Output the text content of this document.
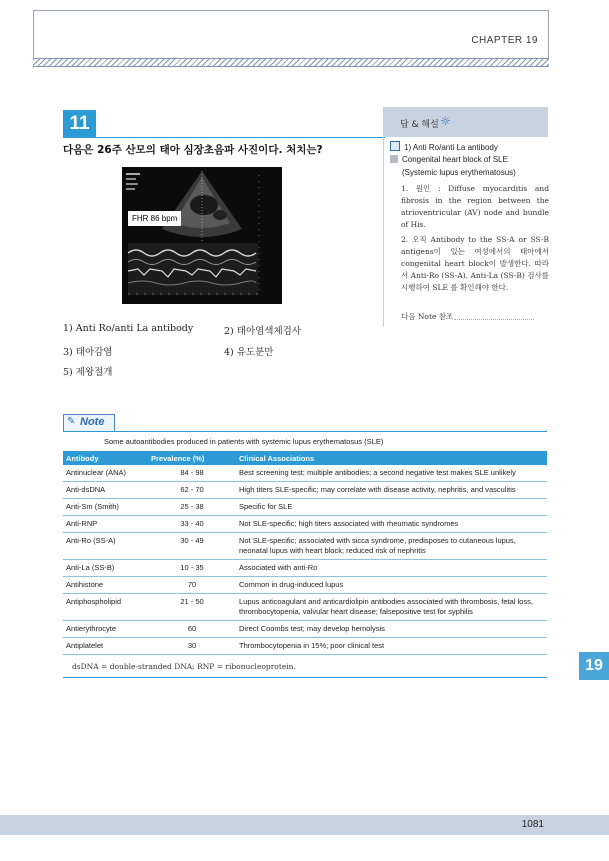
CHAPTER 19
11
다음은 26주 산모의 태아 심장초음파 사진이다. 처치는?
FHR 86 bpm
1) Anti Ro/anti La antibody	2) 태아염색체검사
3) 태아감염	4) 유도분만
5) 제왕절개
답 & 해설 ☼
1) Anti Ro/anti La antibody
Congenital heart block of SLE
(Systemic lupus erythematosus)
1. 원인 : Diffuse myocarditis and fibrosis in the region between the atrioventricular (AV) node and bundle of His.
2. 오직 Antibody to the SS-A or SS-B antigens이 있는 여성에서의 태아에서 congenital heart block이 발생한다. 따라서 Anti-Ro (SS-A), Anti-La (SS-B) 검사를 시행하여 SLE 를 확인해야 한다.
다음 Note 참조
✎ Note
Some autoantibodies produced in patients with systemic lupus erythematosus (SLE)
Antibody	Prevalence (%)	Clinical Associations
Antinuclear (ANA)	84 - 98	Best screening test; multiple antibodies; a second negative test makes SLE unlikely
Anti-dsDNA	62 - 70	High titers SLE-specific; may correlate with disease activity, nephritis, and vasculitis
Anti-Sm (Smith)	25 - 38	Specific for SLE
Anti-RNP	33 - 40	Not SLE-specific; high titers associated with rheumatic syndromes
Anti-Ro (SS-A)	30 - 49	Not SLE-specific; associated with sicca syndrome, predisposes to cutaneous lupus, neonatal lupus with heart block; reduced risk of nephritis
Anti-La (SS-B)	10 - 35	Associated with anti-Ro
Antihistone	70	Common in drug-induced lupus
Antiphospholipid	21 - 50	Lupus anticoagulant and anticardiolipin antibodies associated with thrombosis, fetal loss, thrombocytopenia, valvular heart disease; falsepositive test for syphilis
Antierythrocyte	60	Direct Coombs test; may develop hemolysis
Antiplatelet	30	Thrombocytopenia in 15%; poor clinical test
dsDNA = double-stranded DNA; RNP = ribonucleoprotein.	19
1081
